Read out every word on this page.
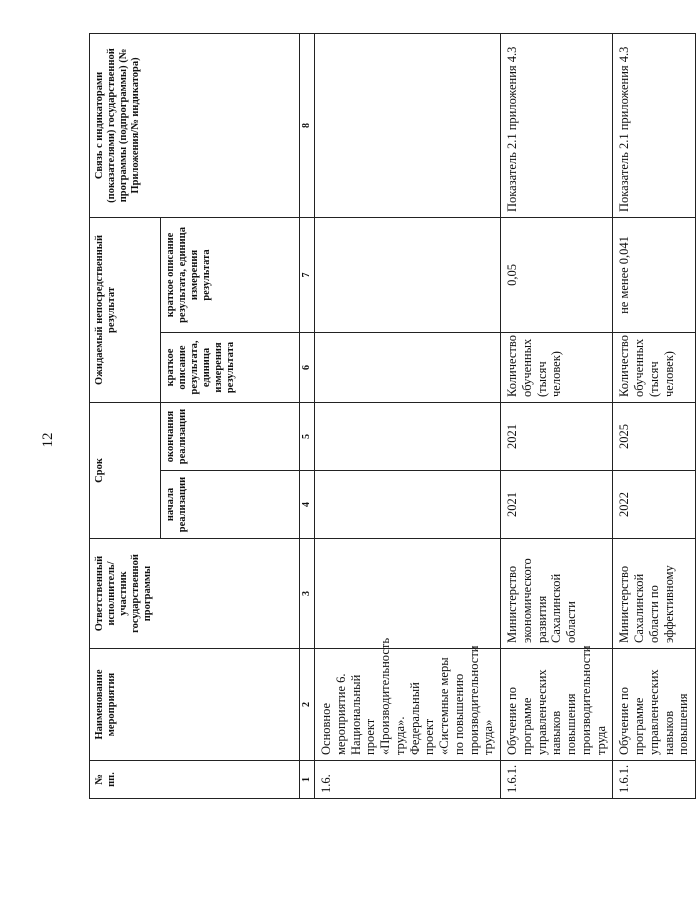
12
№ пп.	Наименование мероприятия	Ответственный исполнитель/участник государственной программы	Срок		Ожидаемый непосредственный результат		Связь с индикаторами (показателями) государственной программы (подпрограммы) (№ Приложения/№ индикатора)
			начала реализации	окончания реализации	краткое описание результата, единица измерения результата	краткое описание результата, единица измерения результата	
1	2	3	4	5	6	7	8
1.6.	Основное мероприятие 6. Национальный проект «Производительность труда». Федеральный проект «Системные меры по повышению производительности труда»						
1.6.1.	Обучение по программе управленческих навыков повышения производительности труда	Министерство экономического развития Сахалинской области	2021	2021	Количество обученных (тысяч человек)	0,05	Показатель 2.1 приложения 4.3
1.6.1.	Обучение по программе управленческих навыков повышения	Министерство Сахалинской области по эффективному	2022	2025	Количество обученных (тысяч человек)	не менее 0,041	Показатель 2.1 приложения 4.3
